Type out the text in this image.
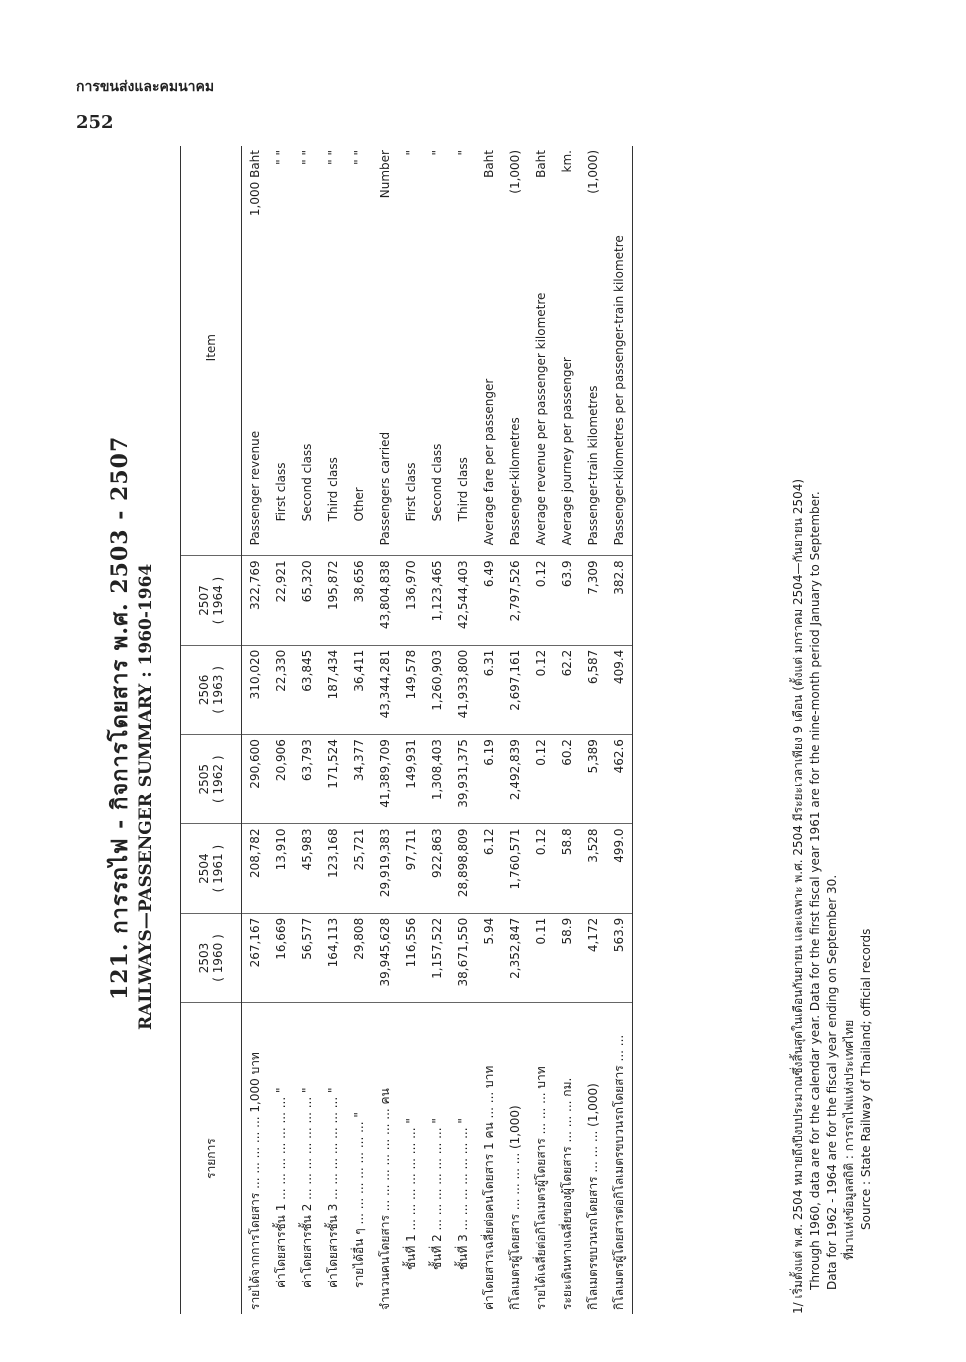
การขนส่งและคมนาคม
252
121. การรถไฟ - กิจการโดยสาร พ.ศ. 2503 - 2507 RAILWAYS—PASSENGER SUMMARY : 1960-1964
รายการ	2503 ( 1960 )	2504 ( 1961 )	2505 ( 1962 )	2506 ( 1963 )	2507 ( 1964 )	Item	
รายได้จากการโดยสาร ... ... ... ... ... 1,000 บาท	267,167	208,782	290,600	310,020	322,769	Passenger revenue	1,000 Baht
ค่าโดยสารชั้น 1 ... ... ... ... ... ... ... "	16,669	13,910	20,906	22,330	22,921	First class	" "
ค่าโดยสารชั้น 2 ... ... ... ... ... ... ... "	56,577	45,983	63,793	63,845	65,320	Second class	" "
ค่าโดยสารชั้น 3 ... ... ... ... ... ... ... "	164,113	123,168	171,524	187,434	195,872	Third class	" "
รายได้อื่น ๆ ... ... ... ... ... ... ... "	29,808	25,721	34,377	36,411	38,656	Other	" "
จำนวนคนโดยสาร ... ... ... ... ... ... ... คน	39,945,628	29,919,383	41,389,709	43,344,281	43,804,838	Passengers carried	Number
ชั้นที่ 1 ... ... ... ... ... ... ... "	116,556	97,711	149,931	149,578	136,970	First class	"
ชั้นที่ 2 ... ... ... ... ... ... ... "	1,157,522	922,863	1,308,403	1,260,903	1,123,465	Second class	"
ชั้นที่ 3 ... ... ... ... ... ... ... "	38,671,550	28,898,809	39,931,375	41,933,800	42,544,403	Third class	"
ค่าโดยสารเฉลี่ยต่อคนโดยสาร 1 คน ... ... บาท	5.94	6.12	6.19	6.31	6.49	Average fare per passenger	Baht
กิโลเมตรผู้โดยสาร ... ... ... ... (1,000)	2,352,847	1,760,571	2,492,839	2,697,161	2,797,526	Passenger-kilometres	(1,000)
รายได้เฉลี่ยต่อกิโลเมตรผู้โดยสาร ... ... ... บาท	0.11	0.12	0.12	0.12	0.12	Average revenue per passenger kilometre	Baht
ระยะเดินทางเฉลี่ยของผู้โดยสาร ... ... ... กม.	58.9	58.8	60.2	62.2	63.9	Average journey per passenger	km.
กิโลเมตรขบวนรถโดยสาร ... ... ... (1,000)	4,172	3,528	5,389	6,587	7,309	Passenger-train kilometres	(1,000)
กิโลเมตรผู้โดยสารต่อกิโลเมตรขบวนรถโดยสาร ... ...	563.9	499.0	462.6	409.4	382.8	Passenger-kilometres per passenger-train kilometre	
1/ เริ่มตั้งแต่ พ.ศ. 2504 หมายถึงปีงบประมาณซึ่งสิ้นสุดในเดือนกันยายน และเฉพาะ พ.ศ. 2504 มีระยะเวลาเพียง 9 เดือน (ตั้งแต่ มกราคม 2504—กันยายน 2504) Through 1960, data are for the calendar year. Data for the first fiscal year 1961 are for the nine-month period January to September. Data for 1962 - 1964 are for the fiscal year ending on September 30. ที่มาแห่งข้อมูลสถิติ : การรถไฟแห่งประเทศไทย Source : State Railway of Thailand; official records
